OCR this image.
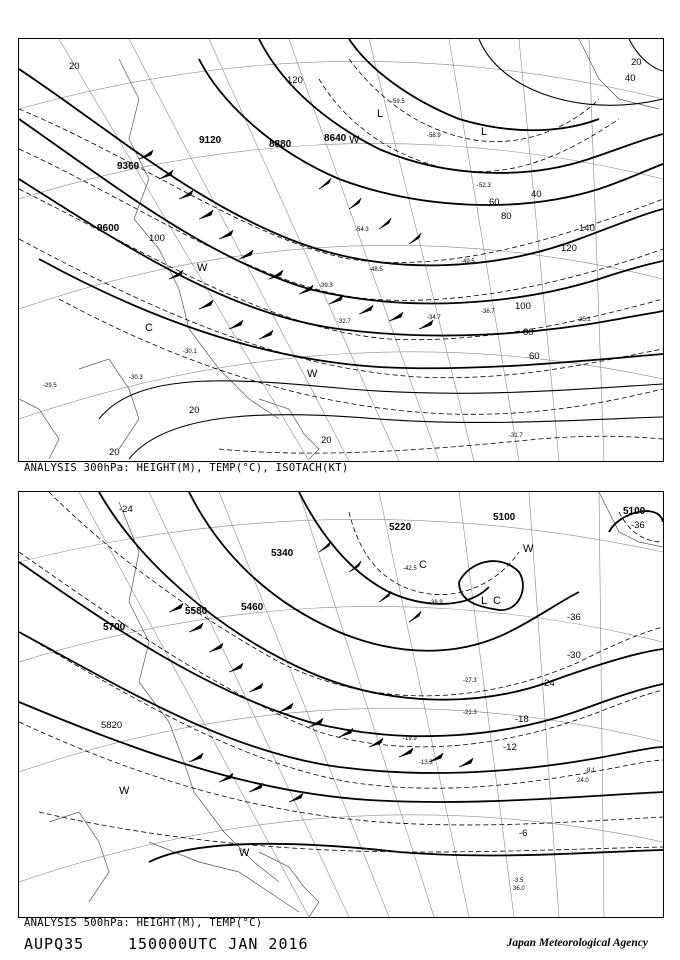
9120	8880
8640
9360
9600
20
40
60
80
100
120
140
20
40
60
80
100
120
20
20
20
W
W
W
C
L
L
-59.5
-58.9
-52.3
-54.3
-49.5
-48.5
-39.3
-34.7
-32.7
-31.7
-35.1
-36.7
-30.3
-30.1
-29.5
ANALYSIS 300hPa: HEIGHT(M), TEMP(°C), ISOTACH(KT)
5700
5580	5460
5340
5220
5100
5100
5820
-24
-36
-36
-30
-24
-18
-12
-6
W
W
W
L C
C
-42.5
-38.9
-27.3
-21.3
-19.9
-13.3
-8.1
-3.5
36.0
24.0
ANALYSIS 500hPa: HEIGHT(M), TEMP(°C)
AUPQ35	150000UTC JAN 2016	Japan Meteorological Agency
